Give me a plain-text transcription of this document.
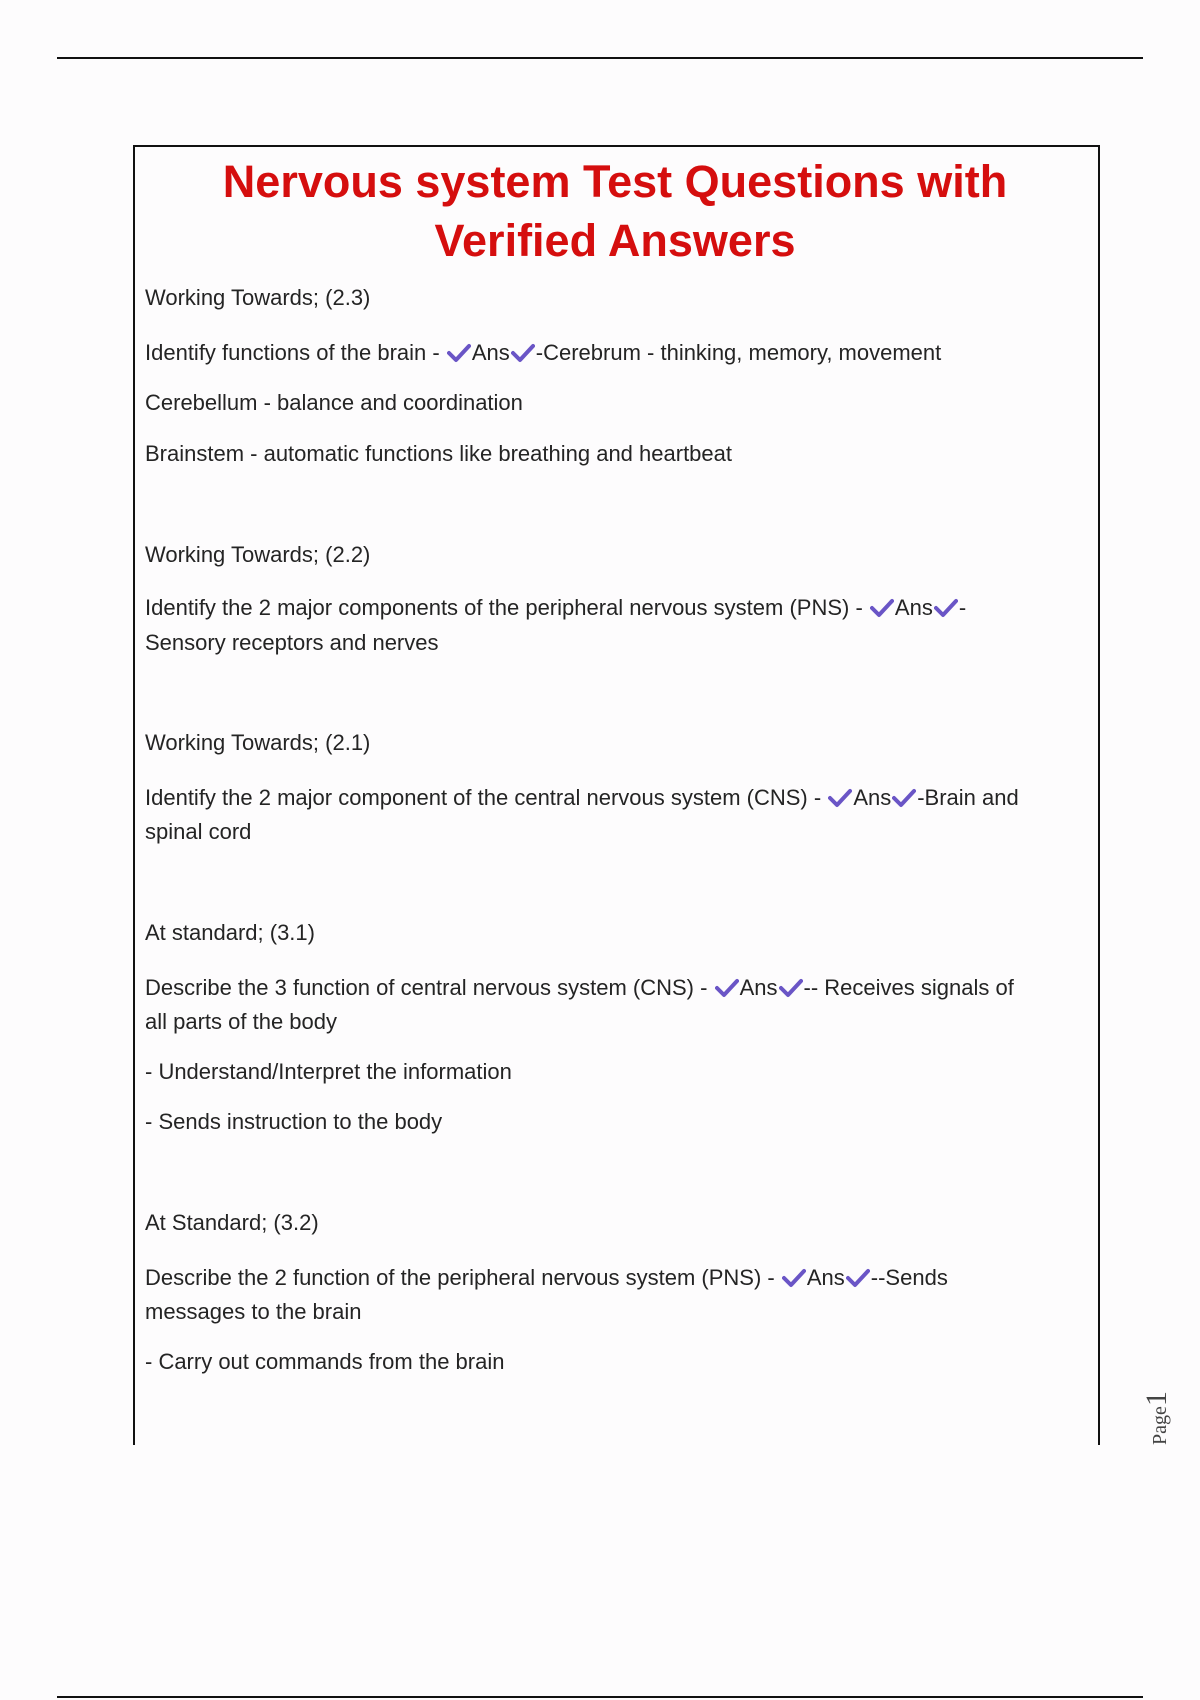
Nervous system Test Questions with Verified Answers
Working Towards; (2.3)
Identify functions of the brain - Ans -Cerebrum - thinking, memory, movement
Cerebellum - balance and coordination
Brainstem - automatic functions like breathing and heartbeat
Working Towards; (2.2)
Identify the 2 major components of the peripheral nervous system (PNS) - Ans -
Sensory receptors and nerves
Working Towards; (2.1)
Identify the 2 major component of the central nervous system (CNS) - Ans -Brain and
spinal cord
At standard; (3.1)
Describe the 3 function of central nervous system (CNS) - Ans -- Receives signals of
all parts of the body
- Understand/Interpret the information
- Sends instruction to the body
At Standard; (3.2)
Describe the 2 function of the peripheral nervous system (PNS) - Ans --Sends
messages to the brain
- Carry out commands from the brain
Page1
